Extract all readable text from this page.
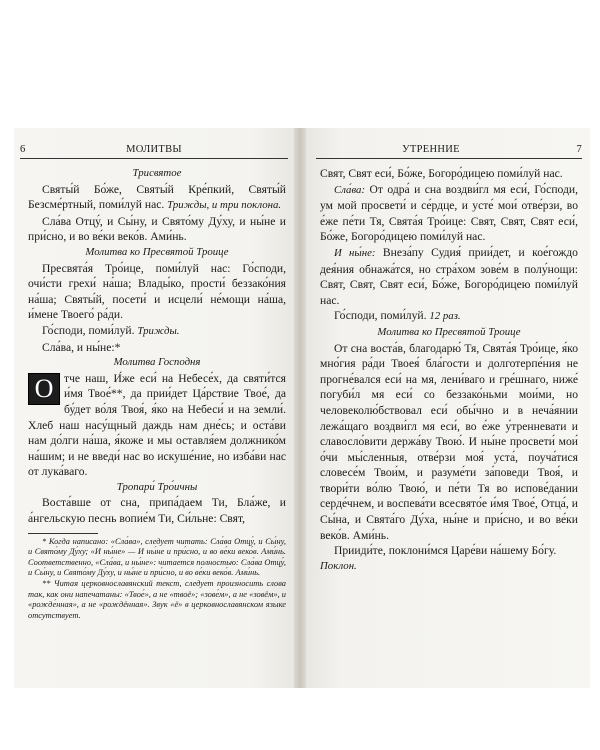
6	МОЛИТВЫ

Трисвятое

Святы́й Бо́же, Святы́й Кре́пкий, Святы́й Безсме́ртный, поми́луй нас. Трижды, и три поклона.

Сла́ва Отцу́, и Сы́ну, и Свято́му Ду́ху, и ны́не и при́сно, и во ве́ки веко́в. Ами́нь.

Молитва ко Пресвятой Троице

Пресвята́я Тро́ице, поми́луй нас: Го́споди, очи́сти грехи́ на́ша; Влады́ко, прости́ беззако́ния на́ша; Святы́й, посети́ и исцели́ не́мощи на́ша, и́мене Твоего́ ра́ди.

Го́споди, поми́луй. Трижды.

Сла́ва, и ны́не:*

Молитва Господня

О тче наш, И́же еси́ на Небесе́х, да святи́тся и́мя Твое́**, да прии́дет Ца́рствие Твое́, да бу́дет во́ля Твоя́, я́ко на Небеси́ и на земли́. Хлеб наш насу́щный даждь нам дне́сь; и оста́ви нам до́лги на́ша, я́коже и мы оставля́ем должнико́м на́шим; и не введи́ нас во искуше́ние, но изба́ви нас от лука́ваго.

Тропари́ Тро́ичны

Воста́вше от сна, припа́даем Ти, Бла́же, и а́нгельскую песнь вопие́м Ти, Си́льне: Свят,

* Когда написано: «Сла́ва», следует читать: Сла́ва Отцу́, и Сы́ну, и Свято́му Ду́ху; «И ны́не» — И ны́не и при́сно, и во ве́ки веко́в. Ами́нь. Соответственно, «Сла́ва, и ны́не»: читается полностью: Сла́ва Отцу́, и Сы́ну, и Свято́му Ду́ху, и ны́не и при́сно, и во ве́ки веко́в. Ами́нь.

** Читая церковнославянский текст, следует произносить слова так, как они напечатаны: «Твое́», а не «твоё»; «зове́м», а не «зовём», и «рожде́нная», а не «рождённая». Звук «ё» в церковнославянском языке отсутствует.

УТРЕННИЕ	7

Свят, Свят еси́, Бо́же, Богоро́дицею поми́луй нас.

Сла́ва: От одра́ и сна воздви́гл мя еси́, Го́споди, ум мой просвети́ и се́рдце, и усте́ мои́ отве́рзи, во е́же пе́ти Тя, Свята́я Тро́ице: Свят, Свят, Свят еси́, Бо́же, Богоро́дицею поми́луй нас.

И ны́не: Внеза́пу Судия́ прии́дет, и кое́гождо дея́ния обнажа́тся, но стра́хом зове́м в полу́нощи: Свят, Свят, Свят еси́, Бо́же, Богоро́дицею поми́луй нас.

Го́споди, поми́луй. 12 раз.

Молитва ко Пресвятой Троице

От сна воста́в, благодарю́ Тя, Свята́я Тро́ице, я́ко мно́гия ра́ди Твоея́ бла́гости и долготерпе́ния не прогне́вался еси́ на мя, лени́ваго и гре́шнаго, ниже́ погуби́л мя еси́ со беззако́ньми мои́ми, но человеколю́бствовал еси́ обы́чно и в неча́янии лежа́щаго воздви́гл мя еси́, во е́же у́тренневати и славосло́вити держа́ву Твою́. И ны́не просвети́ мои́ о́чи мы́сленныя, отве́рзи моя́ уста́, поуча́тися словесе́м Твои́м, и разуме́ти за́поведи Твоя́, и твори́ти во́лю Твою́, и пе́ти Тя во испове́дании серде́чнем, и воспева́ти всесвято́е и́мя Твое́, Отца́, и Сы́на, и Свята́го Ду́ха, ны́не и при́сно, и во ве́ки веко́в. Ами́нь.

Прииди́те, поклони́мся Царе́ви на́шему Бо́гу.

Поклон.
